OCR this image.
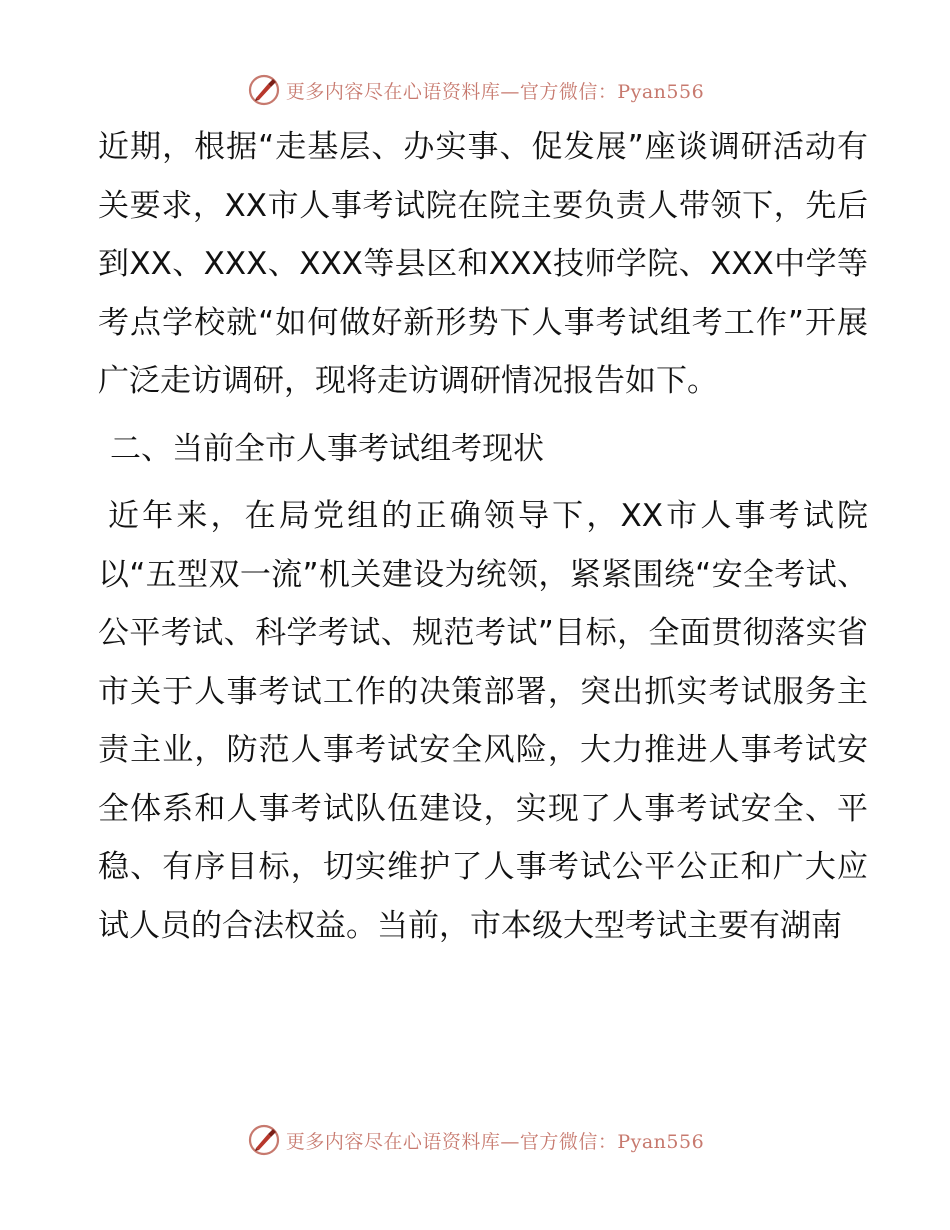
更多内容尽在心语资料库—官方微信：Pyan556

近期，根据“走基层、办实事、促发展”座谈调研活动有关要求，XX市人事考试院在院主要负责人带领下，先后到XX、XXX、XXX等县区和XXX技师学院、XXX中学等考点学校就“如何做好新形势下人事考试组考工作”开展广泛走访调研，现将走访调研情况报告如下。

二、当前全市人事考试组考现状

近年来，在局党组的正确领导下，XX市人事考试院以“五型双一流”机关建设为统领，紧紧围绕“安全考试、公平考试、科学考试、规范考试”目标，全面贯彻落实省市关于人事考试工作的决策部署，突出抓实考试服务主责主业，防范人事考试安全风险，大力推进人事考试安全体系和人事考试队伍建设，实现了人事考试安全、平稳、有序目标，切实维护了人事考试公平公正和广大应试人员的合法权益。当前，市本级大型考试主要有湖南

更多内容尽在心语资料库—官方微信：Pyan556
